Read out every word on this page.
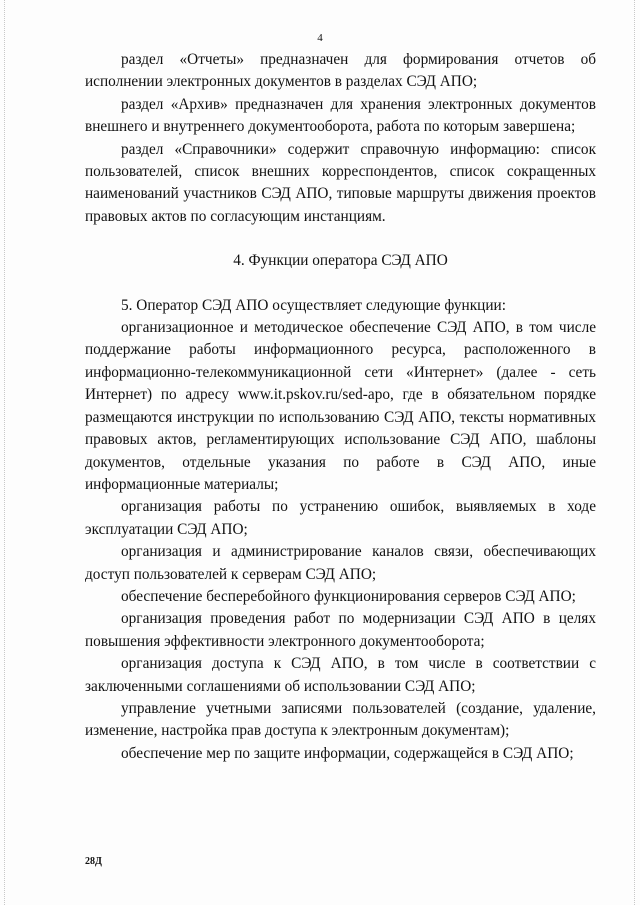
4

раздел «Отчеты» предназначен для формирования отчетов об исполнении электронных документов в разделах СЭД АПО;

раздел «Архив» предназначен для хранения электронных документов внешнего и внутреннего документооборота, работа по которым завершена;

раздел «Справочники» содержит справочную информацию: список пользователей, список внешних корреспондентов, список сокращенных наименований участников СЭД АПО, типовые маршруты движения проектов правовых актов по согласующим инстанциям.

4. Функции оператора СЭД АПО

5. Оператор СЭД АПО осуществляет следующие функции:

организационное и методическое обеспечение СЭД АПО, в том числе поддержание работы информационного ресурса, расположенного в информационно-телекоммуникационной сети «Интернет» (далее - сеть Интернет) по адресу www.it.pskov.ru/sed-apo, где в обязательном порядке размещаются инструкции по использованию СЭД АПО, тексты нормативных правовых актов, регламентирующих использование СЭД АПО, шаблоны документов, отдельные указания по работе в СЭД АПО, иные информационные материалы;

организация работы по устранению ошибок, выявляемых в ходе эксплуатации СЭД АПО;

организация и администрирование каналов связи, обеспечивающих доступ пользователей к серверам СЭД АПО;

обеспечение бесперебойного функционирования серверов СЭД АПО;

организация проведения работ по модернизации СЭД АПО в целях повышения эффективности электронного документооборота;

организация доступа к СЭД АПО, в том числе в соответствии с заключенными соглашениями об использовании СЭД АПО;

управление учетными записями пользователей (создание, удаление, изменение, настройка прав доступа к электронным документам);

обеспечение мер по защите информации, содержащейся в СЭД АПО;

28Д
